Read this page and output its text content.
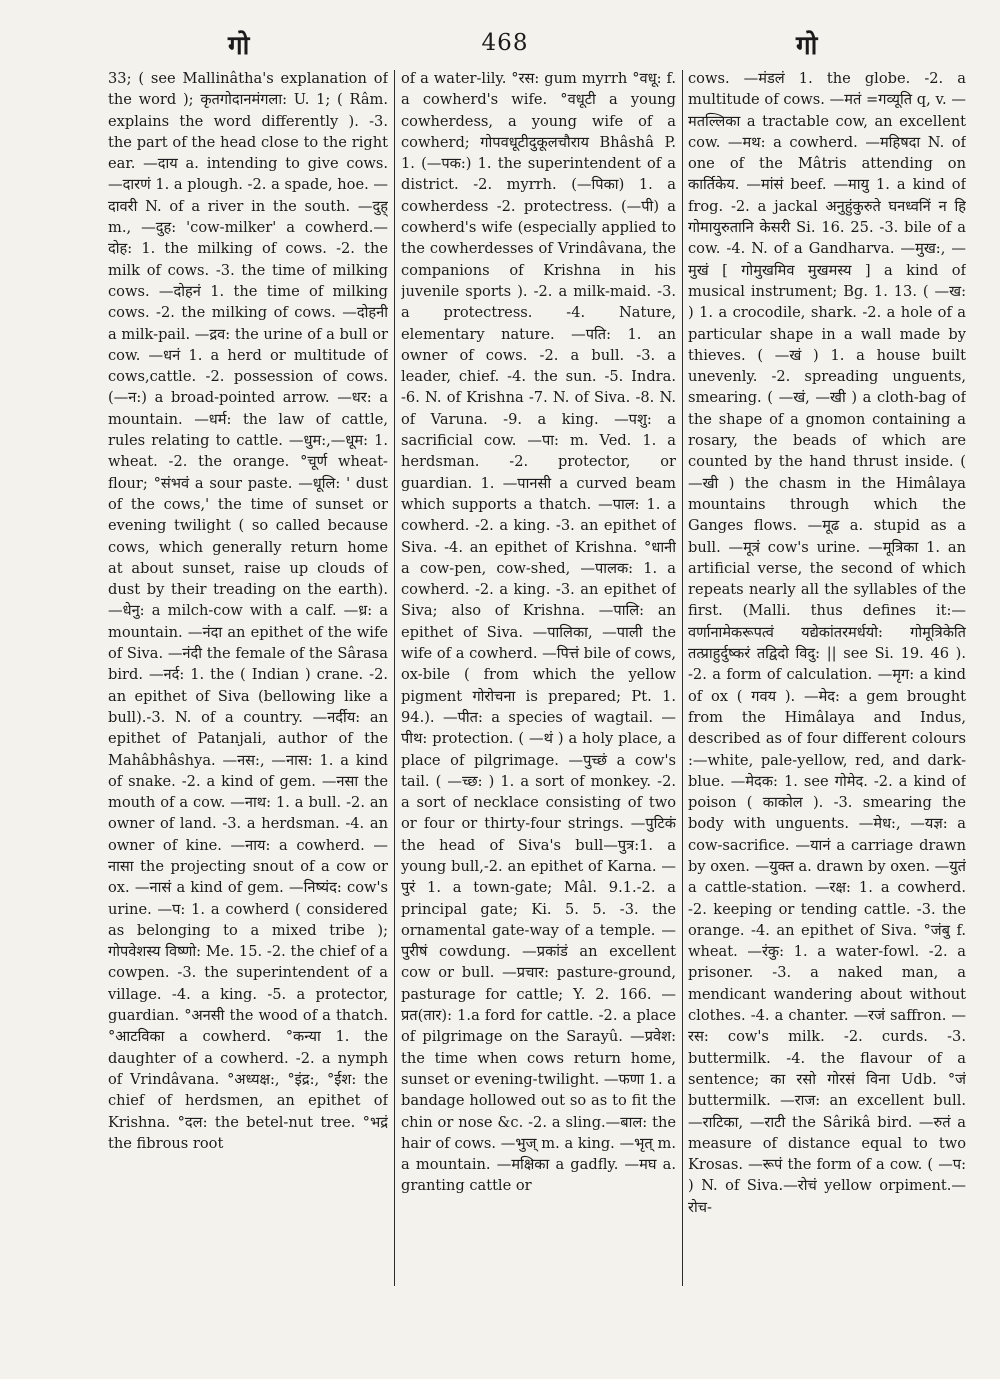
गो	468	गो

33; ( see Mallinâtha's explanation of the word ); कृतगोदानमंगला: U. 1; ( Râm. explains the word differently ). -3. the part of the head close to the right ear. —दाय a. intending to give cows. —दारणं 1. a plough. -2. a spade, hoe. —दावरी N. of a river in the south. —दुह् m., —दुह: 'cow-milker' a cowherd.—दोह: 1. the milking of cows. -2. the milk of cows. -3. the time of milking cows. —दोहनं 1. the time of milking cows. -2. the milking of cows. —दोहनी a milk-pail. —द्रव: the urine of a bull or cow. —धनं 1. a herd or multitude of cows,cattle. -2. possession of cows. (—न:) a broad-pointed arrow. —धर: a mountain. —धर्म: the law of cattle, rules relating to cattle. —धुम:,—धूम: 1. wheat. -2. the orange. °चूर्ण wheat-flour; °संभवं a sour paste. —धूलि: ' dust of the cows,' the time of sunset or evening twilight ( so called because cows, which generally return home at about sunset, raise up clouds of dust by their treading on the earth). —धेनु: a milch-cow with a calf. —ध्र: a mountain. —नंदा an epithet of the wife of Siva. —नंदी the female of the Sârasa bird. —नर्द: 1. the ( Indian ) crane. -2. an epithet of Siva (bellowing like a bull).-3. N. of a country. —नर्दीय: an epithet of Patanjali, author of the Mahâbhâshya. —नस:, —नास: 1. a kind of snake. -2. a kind of gem. —नसा the mouth of a cow. —नाथ: 1. a bull. -2. an owner of land. -3. a herdsman. -4. an owner of kine. —नाय: a cowherd. —नासा the projecting snout of a cow or ox. —नासं a kind of gem. —निष्यंद: cow's urine. —प: 1. a cowherd ( considered as belonging to a mixed tribe ); गोपवेशस्य विष्णो: Me. 15. -2. the chief of a cowpen. -3. the superintendent of a village. -4. a king. -5. a protector, guardian. °अनसी the wood of a thatch. °आटविका a cowherd. °कन्या 1. the daughter of a cowherd. -2. a nymph of Vrindâvana. °अध्यक्ष:, °इंद्र:, °ईश: the chief of herdsmen, an epithet of Krishna. °दल: the betel-nut tree. °भद्रं the fibrous root

of a water-lily. °रस: gum myrrh °वधू: f. a cowherd's wife. °वधूटी a young cowherdess, a young wife of a cowherd; गोपवधूटीदुकूलचौराय Bhâshâ P. 1. (—पक:) 1. the superintendent of a district. -2. myrrh. (—पिका) 1. a cowherdess -2. protectress. (—पी) a cowherd's wife (especially applied to the cowherdesses of Vrindâvana, the companions of Krishna in his juvenile sports ). -2. a milk-maid. -3. a protectress. -4. Nature, elementary nature. —पति: 1. an owner of cows. -2. a bull. -3. a leader, chief. -4. the sun. -5. Indra. -6. N. of Krishna -7. N. of Siva. -8. N. of Varuna. -9. a king. —पशु: a sacrificial cow. —पा: m. Ved. 1. a herdsman. -2. protector, or guardian. 1. —पानसी a curved beam which supports a thatch. —पाल: 1. a cowherd. -2. a king. -3. an epithet of Siva. -4. an epithet of Krishna. °धानी a cow-pen, cow-shed, —पालक: 1. a cowherd. -2. a king. -3. an epithet of Siva; also of Krishna. —पालि: an epithet of Siva. —पालिका, —पाली the wife of a cowherd. —पित्तं bile of cows, ox-bile ( from which the yellow pigment गोरोचना is prepared; Pt. 1. 94.). —पीत: a species of wagtail. —पीथ: protection. ( —थं ) a holy place, a place of pilgrimage. —पुच्छं a cow's tail. ( —च्छ: ) 1. a sort of monkey. -2. a sort of necklace consisting of two or four or thirty-four strings. —पुटिकं the head of Siva's bull—पुत्र:1. a young bull,-2. an epithet of Karna. —पुरं 1. a town-gate; Mâl. 9.1.-2. a principal gate; Ki. 5. 5. -3. the ornamental gate-way of a temple. —पुरीषं cowdung. —प्रकांडं an excellent cow or bull. —प्रचार: pasture-ground, pasturage for cattle; Y. 2. 166. —प्रत(तार): 1.a ford for cattle. -2. a place of pilgrimage on the Sarayû. —प्रवेश: the time when cows return home, sunset or evening-twilight. —फणा 1. a bandage hollowed out so as to fit the chin or nose &c. -2. a sling.—बाल: the hair of cows. —भुज् m. a king. —भृत् m. a mountain. —मक्षिका a gadfly. —मघ a. granting cattle or

cows. —मंडलं 1. the globe. -2. a multitude of cows. —मतं =गव्यूति q, v. —मतल्लिका a tractable cow, an excellent cow. —मथ: a cowherd. —महिषदा N. of one of the Mâtris attending on कार्तिकेय. —मांसं beef. —मायु 1. a kind of frog. -2. a jackal अनुहुंकुरुते घनध्वनिं न हि गोमायुरुतानि केसरी Si. 16. 25. -3. bile of a cow. -4. N. of a Gandharva. —मुख:, —मुखं [ गोमुखमिव मुखमस्य ] a kind of musical instrument; Bg. 1. 13. ( —ख: ) 1. a crocodile, shark. -2. a hole of a particular shape in a wall made by thieves. ( —खं ) 1. a house built unevenly. -2. spreading unguents, smearing. ( —खं, —खी ) a cloth-bag of the shape of a gnomon containing a rosary, the beads of which are counted by the hand thrust inside. ( —खी ) the chasm in the Himâlaya mountains through which the Ganges flows. —मूढ a. stupid as a bull. —मूत्रं cow's urine. —मूत्रिका 1. an artificial verse, the second of which repeats nearly all the syllables of the first. (Malli. thus defines it:—वर्णानामेकरूपत्वं यद्येकांतरमर्धयो: गोमूत्रिकेति तत्प्राहुर्दुष्करं तद्विदो विदु: || see Si. 19. 46 ). -2. a form of calculation. —मृग: a kind of ox ( गवय ). —मेद: a gem brought from the Himâlaya and Indus, described as of four different colours :—white, pale-yellow, red, and dark-blue. —मेदक: 1. see गोमेद. -2. a kind of poison ( काकोल ). -3. smearing the body with unguents. —मेध:, —यज्ञ: a cow-sacrifice. —यानं a carriage drawn by oxen. —युक्त a. drawn by oxen. —युतं a cattle-station. —रक्ष: 1. a cowherd. -2. keeping or tending cattle. -3. the orange. -4. an epithet of Siva. °जंबु f. wheat. —रंकु: 1. a water-fowl. -2. a prisoner. -3. a naked man, a mendicant wandering about without clothes. -4. a chanter. —रजं saffron. —रस: cow's milk. -2. curds. -3. buttermilk. -4. the flavour of a sentence; का रसो गोरसं विना Udb. °जं buttermilk. —राज: an excellent bull. —राटिका, —राटी the Sârikâ bird. —रुतं a measure of distance equal to two Krosas. —रूपं the form of a cow. ( —प: ) N. of Siva.—रोचं yellow orpiment.—रोच-
